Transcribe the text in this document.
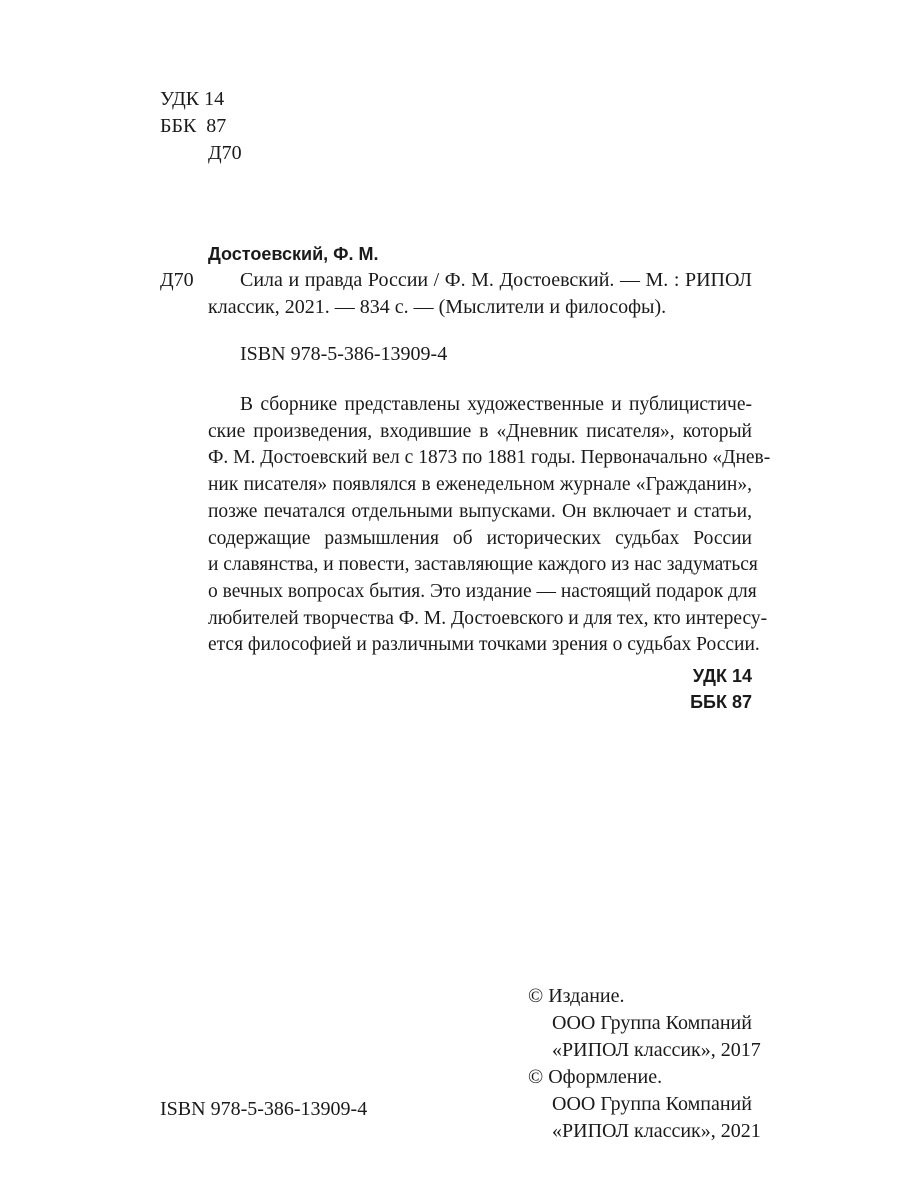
УДК 14
ББК  87
Д70
Достоевский, Ф. М.
Д70 Сила и правда России / Ф. М. Достоевский. — М. : РИПОЛ
классик, 2021. — 834 с. — (Мыслители и философы).
ISBN 978-5-386-13909-4
В сборнике представлены художественные и публицистиче-
ские произведения, входившие в «Дневник писателя», который
Ф. М. Достоевский вел с 1873 по 1881 годы. Первоначально «Днев-
ник писателя» появлялся в еженедельном журнале «Гражданин»,
позже печатался отдельными выпусками. Он включает и статьи,
содержащие размышления об исторических судьбах России
и славянства, и повести, заставляющие каждого из нас задуматься
о вечных вопросах бытия. Это издание — настоящий подарок для
любителей творчества Ф. М. Достоевского и для тех, кто интересу-
ется философией и различными точками зрения о судьбах России.
УДК 14
ББК 87
© Издание.
ООО Группа Компаний
«РИПОЛ классик», 2017
© Оформление.
ООО Группа Компаний
«РИПОЛ классик», 2021
ISBN 978-5-386-13909-4
